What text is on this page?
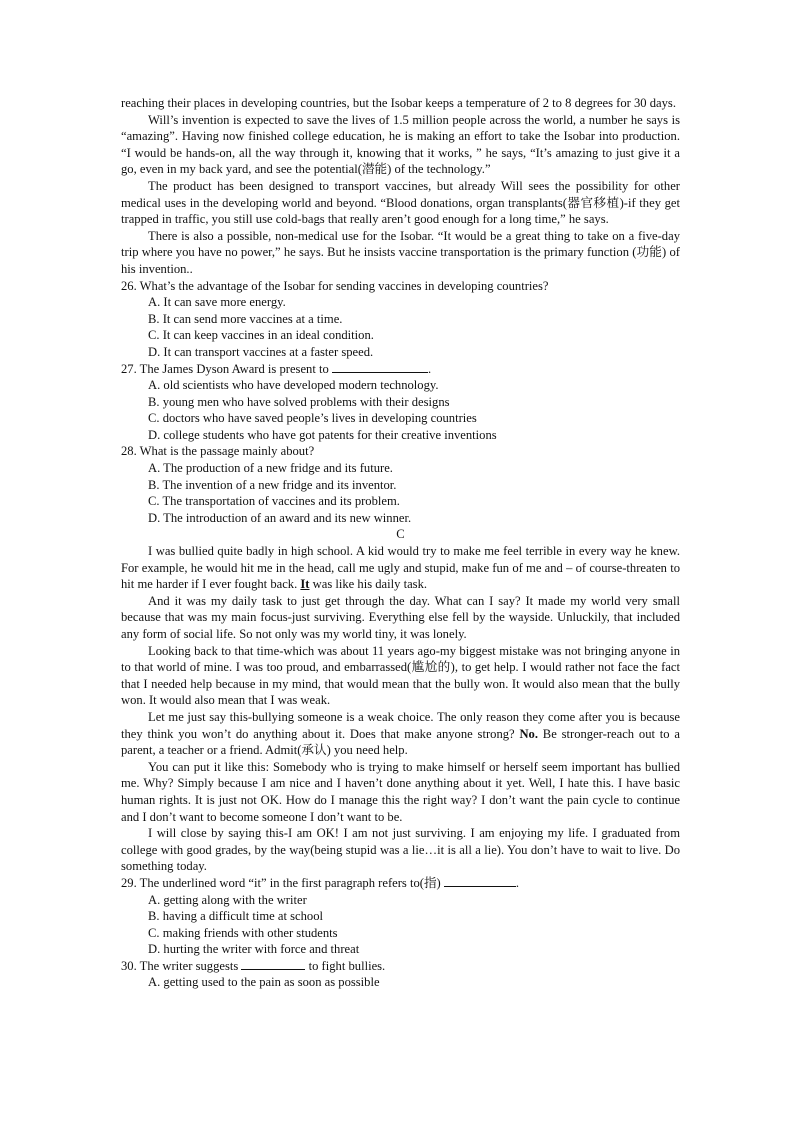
reaching their places in developing countries, but the Isobar keeps a temperature of 2 to 8 degrees for 30 days.

Will’s invention is expected to save the lives of 1.5 million people across the world, a number he says is “amazing”. Having now finished college education, he is making an effort to take the Isobar into production. “I would be hands-on, all the way through it, knowing that it works, ” he says, “It’s amazing to just give it a go, even in my back yard, and see the potential(潜能) of the technology.”

The product has been designed to transport vaccines, but already Will sees the possibility for other medical uses in the developing world and beyond. “Blood donations, organ transplants(器官移植)-if they get trapped in traffic, you still use cold-bags that really aren’t good enough for a long time,” he says.

There is also a possible, non-medical use for the Isobar. “It would be a great thing to take on a five-day trip where you have no power,” he says. But he insists vaccine transportation is the primary function (功能) of his invention..

26. What’s the advantage of the Isobar for sending vaccines in developing countries?

A. It can save more energy.

B. It can send more vaccines at a time.

C. It can keep vaccines in an ideal condition.

D. It can transport vaccines at a faster speed.

27. The James Dyson Award is present to	.

A. old scientists who have developed modern technology.

B. young men who have solved problems with their designs

C. doctors who have saved people’s lives in developing countries

D. college students who have got patents for their creative inventions

28. What is the passage mainly about?

A. The production of a new fridge and its future.

B. The invention of a new fridge and its inventor.

C. The transportation of vaccines and its problem.

D. The introduction of an award and its new winner.

C

I was bullied quite badly in high school. A kid would try to make me feel terrible in every way he knew. For example, he would hit me in the head, call me ugly and stupid, make fun of me and – of course-threaten to hit me harder if I ever fought back. It was like his daily task.

And it was my daily task to just get through the day. What can I say? It made my world very small because that was my main focus-just surviving. Everything else fell by the wayside. Unluckily, that included any form of social life. So not only was my world tiny, it was lonely.

Looking back to that time-which was about 11 years ago-my biggest mistake was not bringing anyone in to that world of mine. I was too proud, and embarrassed(尴尬的), to get help. I would rather not face the fact that I needed help because in my mind, that would mean that the bully won. It would also mean that the bully won. It would also mean that I was weak.

Let me just say this-bullying someone is a weak choice. The only reason they come after you is because they think you won’t do anything about it. Does that make anyone strong? No. Be stronger-reach out to a parent, a teacher or a friend. Admit(承认) you need help.

You can put it like this: Somebody who is trying to make himself or herself seem important has bullied me. Why? Simply because I am nice and I haven’t done anything about it yet. Well, I hate this. I have basic human rights. It is just not OK. How do I manage this the right way? I don’t want the pain cycle to continue and I don’t want to become someone I don’t want to be.

I will close by saying this-I am OK! I am not just surviving. I am enjoying my life. I graduated from college with good grades, by the way(being stupid was a lie…it is all a lie). You don’t have to wait to live. Do something today.

29. The underlined word “it” in the first paragraph refers to(指)	.

A. getting along with the writer

B. having a difficult time at school

C. making friends with other students

D. hurting the writer with force and threat

30. The writer suggests	to fight bullies.

A. getting used to the pain as soon as possible
